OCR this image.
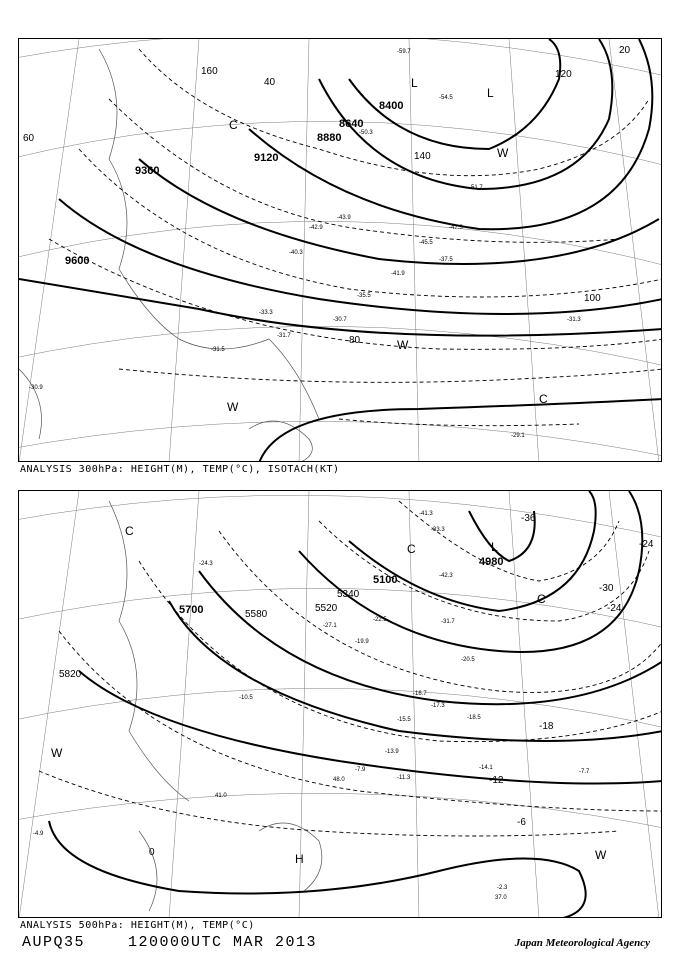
8400
8640
8880
9120
9360
9600
20
40
60
80
100
120
140
160
L
L
W
C
W
W
C
-59.7
-54.5
-51.7
-50.3
-47.3
-45.5
-43.9
-42.9
-41.9
-40.3
-37.5
-35.5
-33.3
-31.7
-31.5
-31.3
-30.7
-30.9
-29.1
ANALYSIS 300hPa: HEIGHT(M), TEMP(°C), ISOTACH(KT)
4980
5100
5340
5520
5580
5700
5820
-36
-30
-24
-24
-18
-12
-6
0
L
C
C
W
H	W
C
-42.3
-41.3
-33.3
-31.7
-27.1
-24.3
-22.5
-20.5
-19.9
-18.5
-17.3
-16.7
-15.5
-14.1
-13.9
-11.3
-10.5
-7.9	-7.7
-4.9
-2.3
37.0
41.0
48.0
ANALYSIS 500hPa: HEIGHT(M), TEMP(°C)
AUPQ35	120000UTC MAR 2013	Japan Meteorological Agency
